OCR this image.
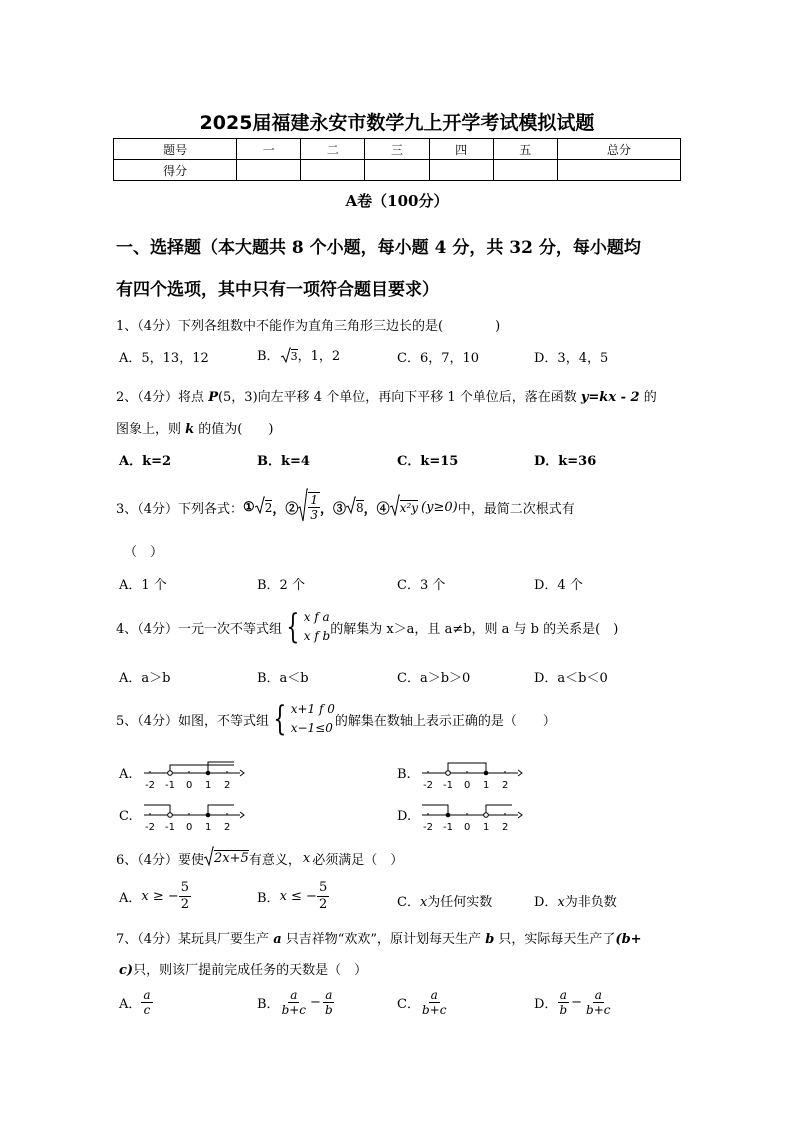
2025届福建永安市数学九上开学考试模拟试题
题号	一	二	三	四	五	总分
得分						
A卷（100分）
一、选择题（本大题共 8 个小题，每小题 4 分，共 32 分，每小题均
有四个选项，其中只有一项符合题目要求）
1、（4分）下列各组数中不能作为直角三角形三边长的是(　　　　)
A．5，13，12	B． 3，1，2	C．6，7，10	D．3，4，5
2、（4分）将点 P(5，3)向左平移 4 个单位，再向下平移 1 个单位后，落在函数 y=kx - 2 的
图象上，则 k 的值为(　　)
A．k=2	B．k=4	C．k=15	D．k=36
3、（4分）下列各式： ① 2 ，② $\frac{1}{3}$ ，③ 8 ，④ x²y (y≥0) 中，最简二次根式有
（　）
A．1 个	B．2 个	C．3 个	D．4 个
4、（4分）一元一次不等式组 { x f a
x f b 的解集为 x＞a，且 a≠b，则 a 与 b 的关系是(　)
A．a＞b	B．a＜b	C．a＞b＞0	D．a＜b＜0
5、（4分）如图，不等式组 { x+1 f 0
x−1≤0 的解集在数轴上表示正确的是（　　）
A.
-2 -1 0 1 2
B.
-2 -1 0 1 2
C.
-2 -1 0 1 2
D.
-2 -1 0 1 2
6、（4分）要使 2x+5 有意义， x 必须满足（　）
A． x ≥ − $\frac{5}{2}$	B． x ≤ − $\frac{5}{2}$	C．x为任何实数	D．x为非负数
7、（4分）某玩具厂要生产 a 只吉祥物“欢欢”，原计划每天生产 b 只，实际每天生产了(b+
c)只，则该厂提前完成任务的天数是（　）
A． $\frac{a}{c}$	B． $\frac{a}{b+c} - \frac{a}{b}$	C． $\frac{a}{b+c}$	D． $\frac{a}{b} - \frac{a}{b+c}$
